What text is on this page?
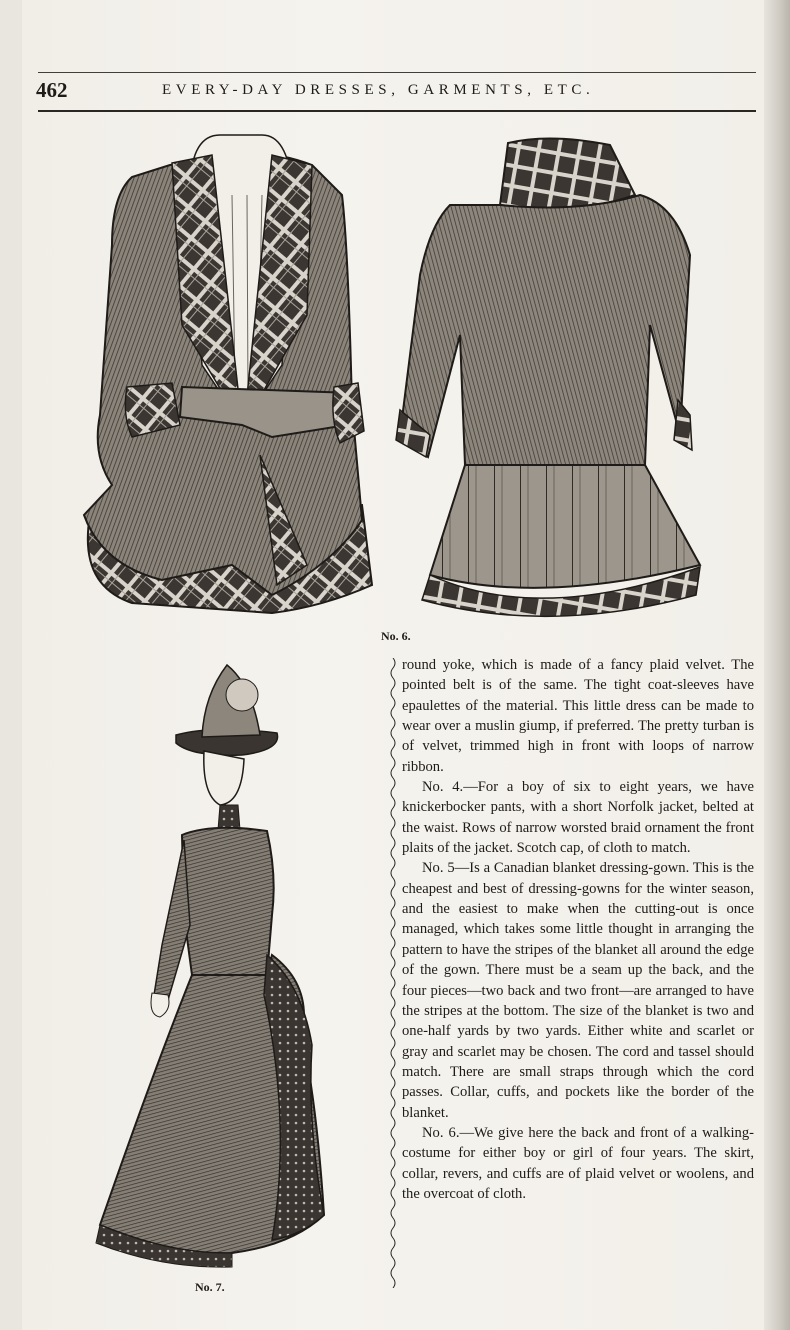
462	EVERY-DAY DRESSES, GARMENTS, ETC.
No. 6.
No. 7.

round yoke, which is made of a fancy plaid velvet. The pointed belt is of the same. The tight coat-sleeves have epaulettes of the material. This little dress can be made to wear over a muslin giump, if preferred. The pretty turban is of velvet, trimmed high in front with loops of narrow ribbon.

No. 4.—For a boy of six to eight years, we have knickerbocker pants, with a short Norfolk jacket, belted at the waist. Rows of narrow worsted braid ornament the front plaits of the jacket. Scotch cap, of cloth to match.

No. 5—Is a Canadian blanket dressing-gown. This is the cheapest and best of dressing-gowns for the winter season, and the easiest to make when the cutting-out is once managed, which takes some little thought in arranging the pattern to have the stripes of the blanket all around the edge of the gown. There must be a seam up the back, and the four pieces—two back and two front—are arranged to have the stripes at the bottom. The size of the blanket is two and one-half yards by two yards. Either white and scarlet or gray and scarlet may be chosen. The cord and tassel should match. There are small straps through which the cord passes. Collar, cuffs, and pockets like the border of the blanket.

No. 6.—We give here the back and front of a walking-costume for either boy or girl of four years. The skirt, collar, revers, and cuffs are of plaid velvet or woolens, and the overcoat of cloth.
